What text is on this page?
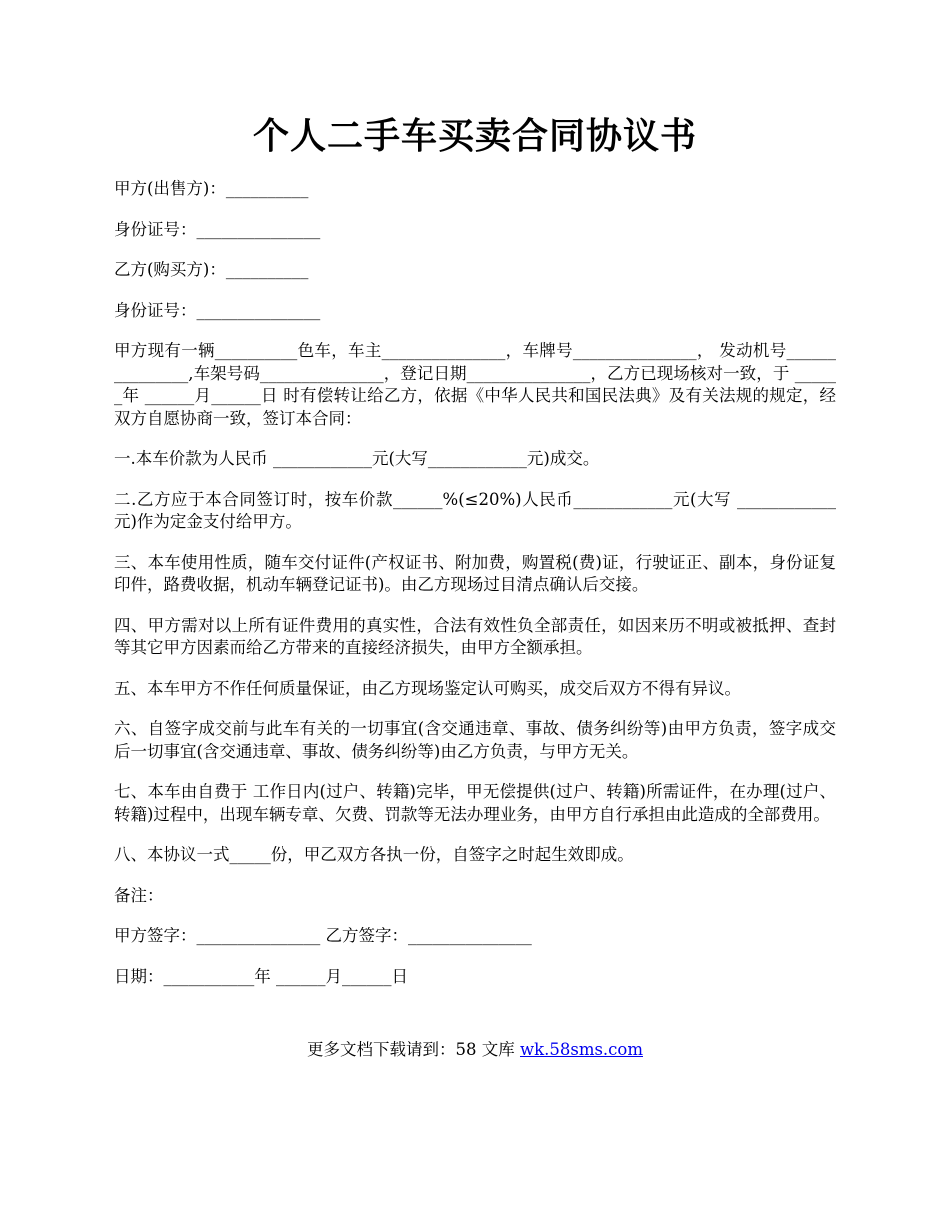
个人二手车买卖合同协议书

甲方(出售方)：__________

身份证号：_______________

乙方(购买方)：__________

身份证号：_______________

甲方现有一辆__________色车，车主_______________，车牌号_______________， 发动机号_______________,车架号码_______________，登记日期_______________，乙方已现场核对一致，于 ______年 ______月______日 时有偿转让给乙方，依据《中华人民共和国民法典》及有关法规的规定，经双方自愿协商一致，签订本合同：

一.本车价款为人民币 ____________元(大写____________元)成交。

二.乙方应于本合同签订时，按车价款______%(≤20%)人民币____________元(大写 ____________元)作为定金支付给甲方。

三、本车使用性质，随车交付证件(产权证书、附加费，购置税(费)证，行驶证正、副本，身份证复印件，路费收据，机动车辆登记证书)。由乙方现场过目清点确认后交接。

四、甲方需对以上所有证件费用的真实性，合法有效性负全部责任，如因来历不明或被抵押、查封等其它甲方因素而给乙方带来的直接经济损失，由甲方全额承担。

五、本车甲方不作任何质量保证，由乙方现场鉴定认可购买，成交后双方不得有异议。

六、自签字成交前与此车有关的一切事宜(含交通违章、事故、债务纠纷等)由甲方负责，签字成交后一切事宜(含交通违章、事故、债务纠纷等)由乙方负责，与甲方无关。

七、本车由自费于 工作日内(过户、转籍)完毕，甲无偿提供(过户、转籍)所需证件，在办理(过户、转籍)过程中，出现车辆专章、欠费、罚款等无法办理业务，由甲方自行承担由此造成的全部费用。

八、本协议一式_____份，甲乙双方各执一份，自签字之时起生效即成。

备注：

甲方签字：_______________ 乙方签字：_______________

日期：___________年 ______月______日

更多文档下载请到：58 文库 wk.58sms.com
